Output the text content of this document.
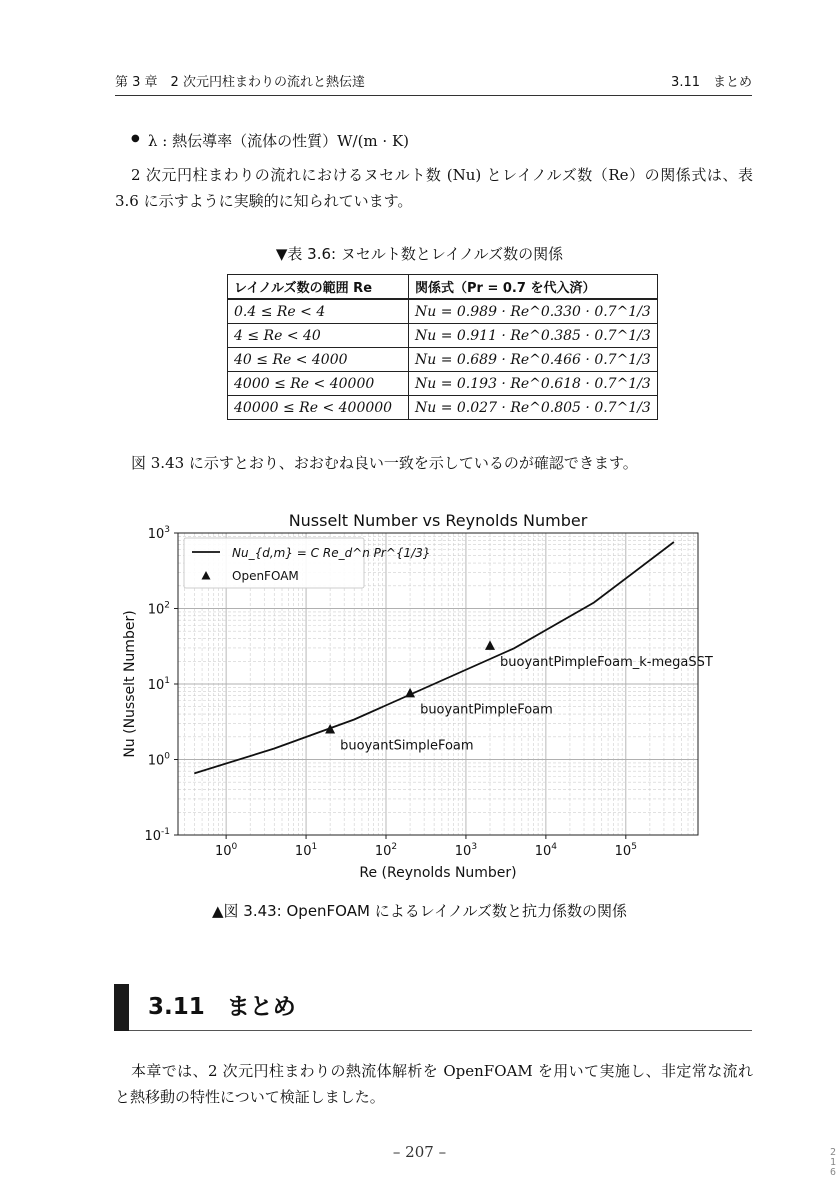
第 3 章　2 次元円柱まわりの流れと熱伝達	3.11　まとめ
● λ : 熱伝導率（流体の性質）W/(m · K)
2 次元円柱まわりの流れにおけるヌセルト数 (Nu) とレイノルズ数（Re）の関係式は、表 3.6 に示すように実験的に知られています。
▼表 3.6: ヌセルト数とレイノルズ数の関係
レイノルズ数の範囲 Re	関係式（Pr = 0.7 を代入済）
0.4 ≤ Re < 4	Nu = 0.989 · Re^0.330 · 0.7^1/3
4 ≤ Re < 40	Nu = 0.911 · Re^0.385 · 0.7^1/3
40 ≤ Re < 4000	Nu = 0.689 · Re^0.466 · 0.7^1/3
4000 ≤ Re < 40000	Nu = 0.193 · Re^0.618 · 0.7^1/3
40000 ≤ Re < 400000	Nu = 0.027 · Re^0.805 · 0.7^1/3
図 3.43 に示すとおり、おおむね良い一致を示しているのが確認できます。
$10^0$	$10^1$	$10^2$	$10^3$	$10^4$	$10^5$
$10^{-1}$
$10^0$
$10^1$
$10^2$
$10^3$	Nusselt Number vs Reynolds Number
Re (Reynolds Number)
Nu (Nusselt Number)	buoyantSimpleFoam
buoyantPimpleFoam
buoyantPimpleFoam_k-megaSST
Nu_{d,m} = C Re_d^n Pr^{1/3}
OpenFOAM
▲図 3.43: OpenFOAM によるレイノルズ数と抗力係数の関係
3.11 まとめ
本章では、2 次元円柱まわりの熱流体解析を OpenFOAM を用いて実施し、非定常な流れと熱移動の特性について検証しました。
– 207 –	216
